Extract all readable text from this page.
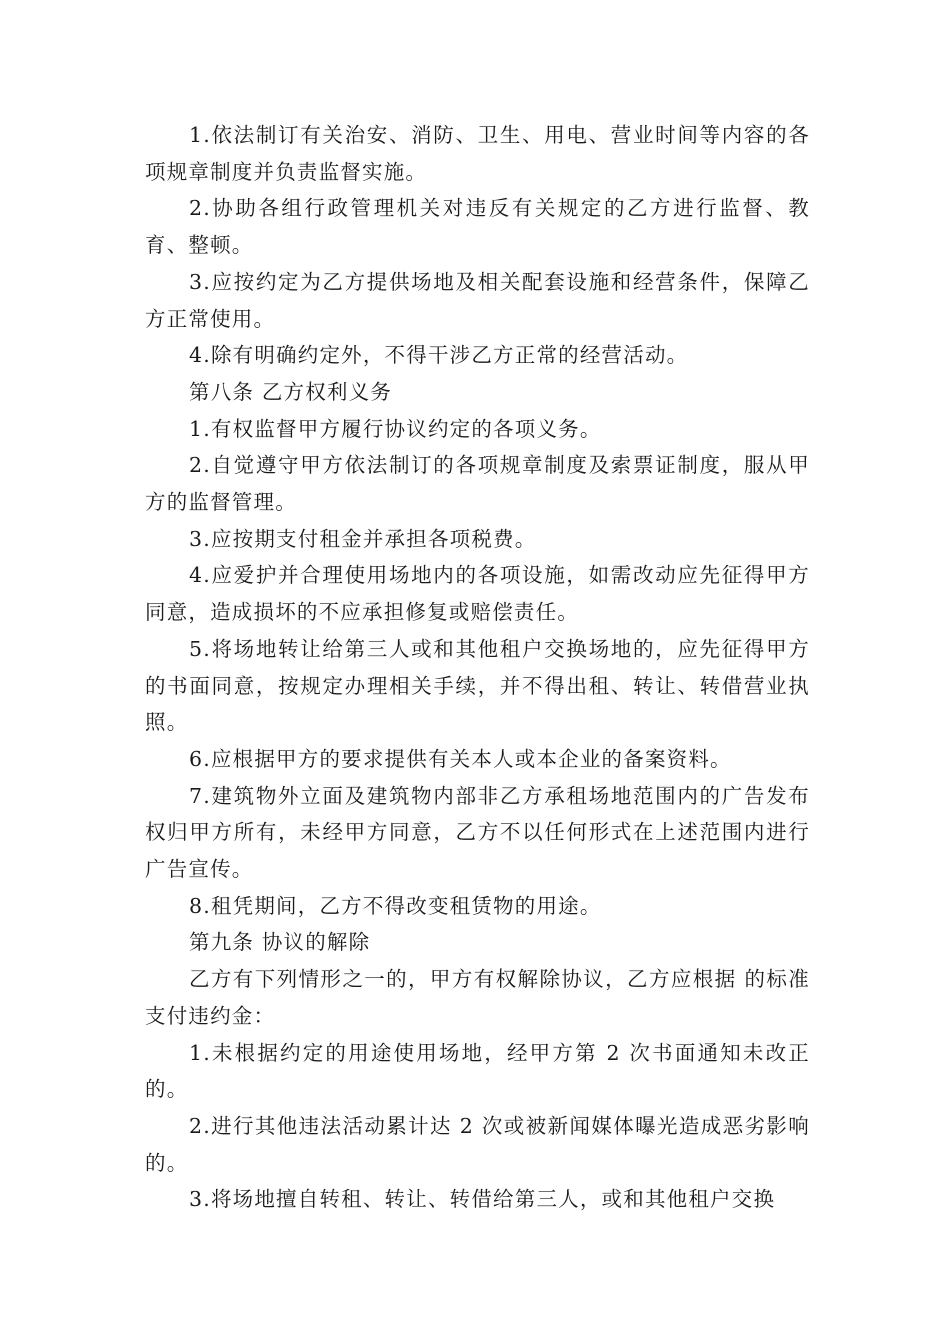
1.依法制订有关治安、消防、卫生、用电、营业时间等内容的各项规章制度并负责监督实施。

2.协助各组行政管理机关对违反有关规定的乙方进行监督、教育、整顿。

3.应按约定为乙方提供场地及相关配套设施和经营条件，保障乙方正常使用。

4.除有明确约定外，不得干涉乙方正常的经营活动。

第八条 乙方权利义务

1.有权监督甲方履行协议约定的各项义务。

2.自觉遵守甲方依法制订的各项规章制度及索票证制度，服从甲方的监督管理。

3.应按期支付租金并承担各项税费。

4.应爱护并合理使用场地内的各项设施，如需改动应先征得甲方同意，造成损坏的不应承担修复或赔偿责任。

5.将场地转让给第三人或和其他租户交换场地的，应先征得甲方的书面同意，按规定办理相关手续，并不得出租、转让、转借营业执照。

6.应根据甲方的要求提供有关本人或本企业的备案资料。

7.建筑物外立面及建筑物内部非乙方承租场地范围内的广告发布权归甲方所有，未经甲方同意，乙方不以任何形式在上述范围内进行广告宣传。

8.租凭期间，乙方不得改变租赁物的用途。

第九条 协议的解除

乙方有下列情形之一的，甲方有权解除协议，乙方应根据 的标准支付违约金：

1.未根据约定的用途使用场地，经甲方第 2 次书面通知未改正的。

2.进行其他违法活动累计达 2 次或被新闻媒体曝光造成恶劣影响的。

3.将场地擅自转租、转让、转借给第三人，或和其他租户交换
